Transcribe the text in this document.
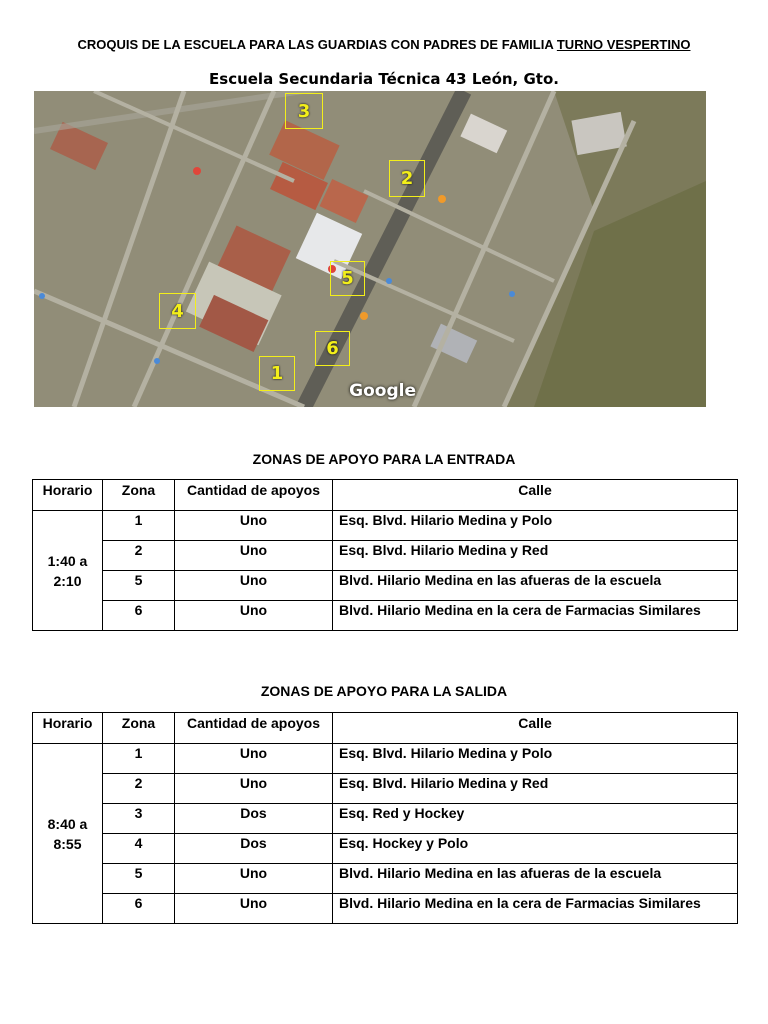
CROQUIS DE LA ESCUELA PARA LAS GUARDIAS CON PADRES DE FAMILIA TURNO VESPERTINO
Escuela Secundaria Técnica 43 León, Gto.
3
2
5
4
6
1
Google
ZONAS DE APOYO PARA LA ENTRADA
Horario	Zona	Cantidad de apoyos	Calle
1:40 a 2:10	1	Uno	Esq. Blvd. Hilario Medina y Polo
	2	Uno	Esq. Blvd. Hilario Medina y Red
	5	Uno	Blvd. Hilario Medina en las afueras de la escuela
	6	Uno	Blvd. Hilario Medina en la cera de Farmacias Similares
ZONAS DE APOYO PARA LA SALIDA
Horario	Zona	Cantidad de apoyos	Calle
8:40 a 8:55	1	Uno	Esq. Blvd. Hilario Medina y Polo
	2	Uno	Esq. Blvd. Hilario Medina y Red
	3	Dos	Esq. Red y Hockey
	4	Dos	Esq. Hockey y Polo
	5	Uno	Blvd. Hilario Medina en las afueras de la escuela
	6	Uno	Blvd. Hilario Medina en la cera de Farmacias Similares
